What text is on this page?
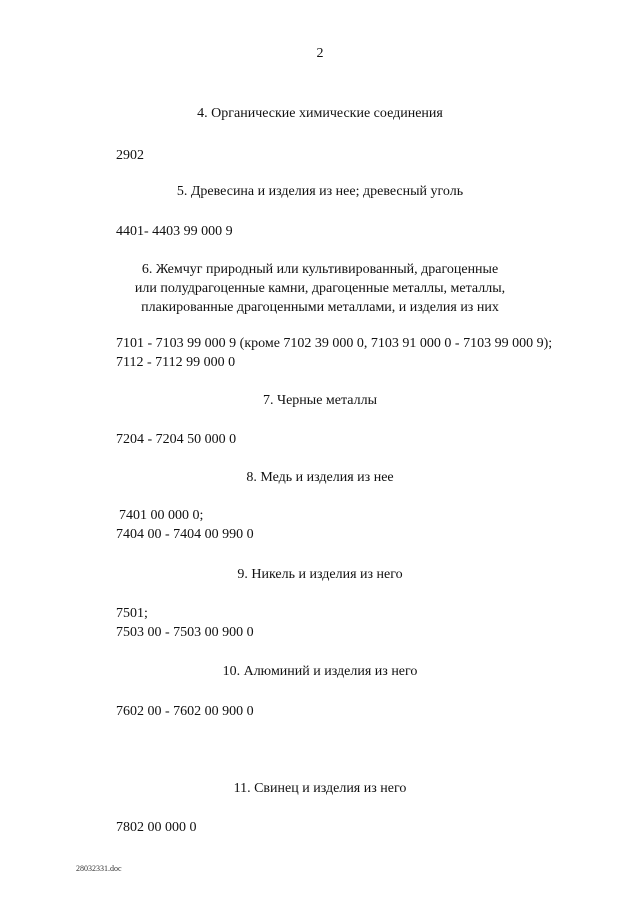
2
4. Органические химические соединения
2902
5. Древесина и изделия из нее; древесный уголь
4401- 4403 99 000 9
6. Жемчуг природный или культивированный, драгоценные
или полудрагоценные камни, драгоценные металлы, металлы,
плакированные драгоценными металлами, и изделия из них
7101 - 7103 99 000 9 (кроме 7102 39 000 0, 7103 91 000 0 - 7103 99 000 9);
7112 - 7112 99 000 0
7. Черные металлы
7204 - 7204 50 000 0
8. Медь и изделия из нее
7401 00 000 0;
7404 00 - 7404 00 990 0
9. Никель и изделия из него
7501;
7503 00 - 7503 00 900 0
10. Алюминий и изделия из него
7602 00 - 7602 00 900 0
11. Свинец и изделия из него
7802 00 000 0
28032331.doc
